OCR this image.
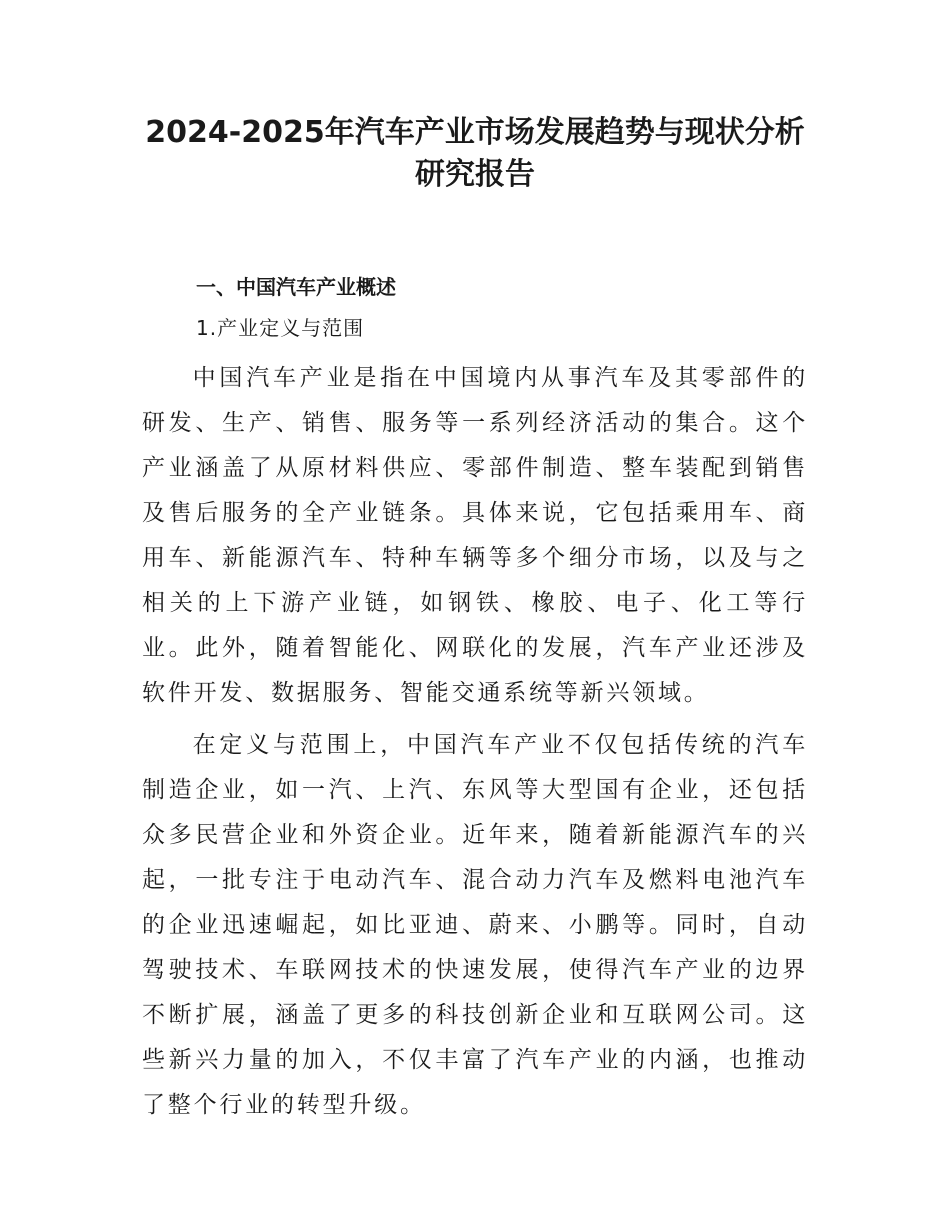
2024-2025年汽车产业市场发展趋势与现状分析
研究报告
一、中国汽车产业概述
1.产业定义与范围

中国汽车产业是指在中国境内从事汽车及其零部件的研发、生产、销售、服务等一系列经济活动的集合。这个产业涵盖了从原材料供应、零部件制造、整车装配到销售及售后服务的全产业链条。具体来说，它包括乘用车、商用车、新能源汽车、特种车辆等多个细分市场，以及与之相关的上下游产业链，如钢铁、橡胶、电子、化工等行业。此外，随着智能化、网联化的发展，汽车产业还涉及软件开发、数据服务、智能交通系统等新兴领域。

在定义与范围上，中国汽车产业不仅包括传统的汽车制造企业，如一汽、上汽、东风等大型国有企业，还包括众多民营企业和外资企业。近年来，随着新能源汽车的兴起，一批专注于电动汽车、混合动力汽车及燃料电池汽车的企业迅速崛起，如比亚迪、蔚来、小鹏等。同时，自动驾驶技术、车联网技术的快速发展，使得汽车产业的边界不断扩展，涵盖了更多的科技创新企业和互联网公司。这些新兴力量的加入，不仅丰富了汽车产业的内涵，也推动了整个行业的转型升级。
